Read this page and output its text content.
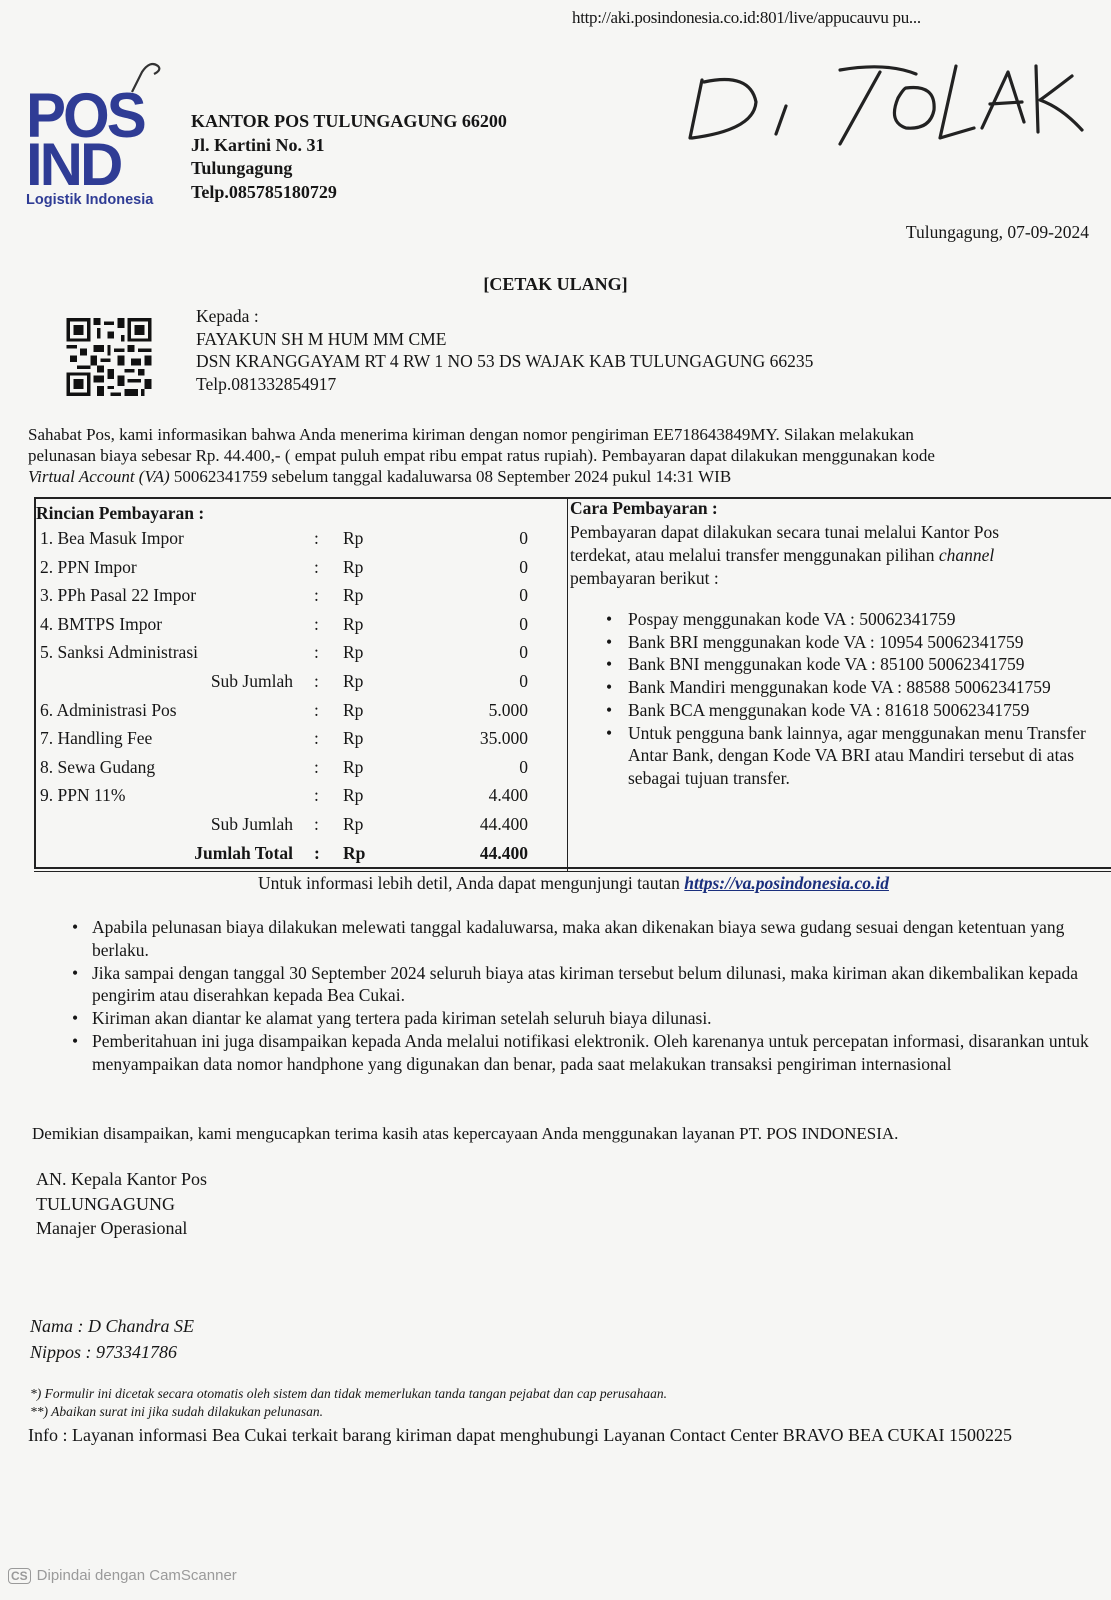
http://aki.posindonesia.co.id:801/live/appucauvu pu...
POS
IND
Logistik Indonesia
KANTOR POS TULUNGAGUNG 66200
Jl. Kartini No. 31
Tulungagung
Telp.085785180729
DI TOLAK
Tulungagung, 07-09-2024
[CETAK ULANG]
Kepada :
FAYAKUN SH M HUM MM CME
DSN KRANGGAYAM RT 4 RW 1 NO 53 DS WAJAK KAB TULUNGAGUNG 66235
Telp.081332854917
Sahabat Pos, kami informasikan bahwa Anda menerima kiriman dengan nomor pengiriman EE718643849MY. Silakan melakukan
pelunasan biaya sebesar Rp. 44.400,- ( empat puluh empat ribu empat ratus rupiah). Pembayaran dapat dilakukan menggunakan kode
Virtual Account (VA) 50062341759 sebelum tanggal kadaluwarsa 08 September 2024 pukul 14:31 WIB
Rincian Pembayaran :
1. Bea Masuk Impor	: Rp	0
2. PPN Impor	: Rp	0
3. PPh Pasal 22 Impor	: Rp	0
4. BMTPS Impor	: Rp	0
5. Sanksi Administrasi	: Rp	0
Sub Jumlah : Rp	0
6. Administrasi Pos	: Rp	5.000
7. Handling Fee	: Rp	35.000
8. Sewa Gudang	: Rp	0
9. PPN 11%	: Rp	4.400
Sub Jumlah : Rp	44.400
Jumlah Total : Rp	44.400
Cara Pembayaran :
Pembayaran dapat dilakukan secara tunai melalui Kantor Pos
terdekat, atau melalui transfer menggunakan pilihan channel
pembayaran berikut :
• Pospay menggunakan kode VA : 50062341759
• Bank BRI menggunakan kode VA : 10954 50062341759
• Bank BNI menggunakan kode VA : 85100 50062341759
• Bank Mandiri menggunakan kode VA : 88588 50062341759
• Bank BCA menggunakan kode VA : 81618 50062341759
• Untuk pengguna bank lainnya, agar menggunakan menu Transfer Antar Bank, dengan Kode VA BRI atau Mandiri tersebut di atas sebagai tujuan transfer.
Untuk informasi lebih detil, Anda dapat mengunjungi tautan https://va.posindonesia.co.id
• Apabila pelunasan biaya dilakukan melewati tanggal kadaluwarsa, maka akan dikenakan biaya sewa gudang sesuai dengan ketentuan yang berlaku.
• Jika sampai dengan tanggal 30 September 2024 seluruh biaya atas kiriman tersebut belum dilunasi, maka kiriman akan dikembalikan kepada pengirim atau diserahkan kepada Bea Cukai.
• Kiriman akan diantar ke alamat yang tertera pada kiriman setelah seluruh biaya dilunasi.
• Pemberitahuan ini juga disampaikan kepada Anda melalui notifikasi elektronik. Oleh karenanya untuk percepatan informasi, disarankan untuk menyampaikan data nomor handphone yang digunakan dan benar, pada saat melakukan transaksi pengiriman internasional
Demikian disampaikan, kami mengucapkan terima kasih atas kepercayaan Anda menggunakan layanan PT. POS INDONESIA.
AN. Kepala Kantor Pos
TULUNGAGUNG
Manajer Operasional
Nama : D Chandra SE
Nippos : 973341786
*) Formulir ini dicetak secara otomatis oleh sistem dan tidak memerlukan tanda tangan pejabat dan cap perusahaan.
**) Abaikan surat ini jika sudah dilakukan pelunasan.
Info : Layanan informasi Bea Cukai terkait barang kiriman dapat menghubungi Layanan Contact Center BRAVO BEA CUKAI 1500225
CS Dipindai dengan CamScanner
